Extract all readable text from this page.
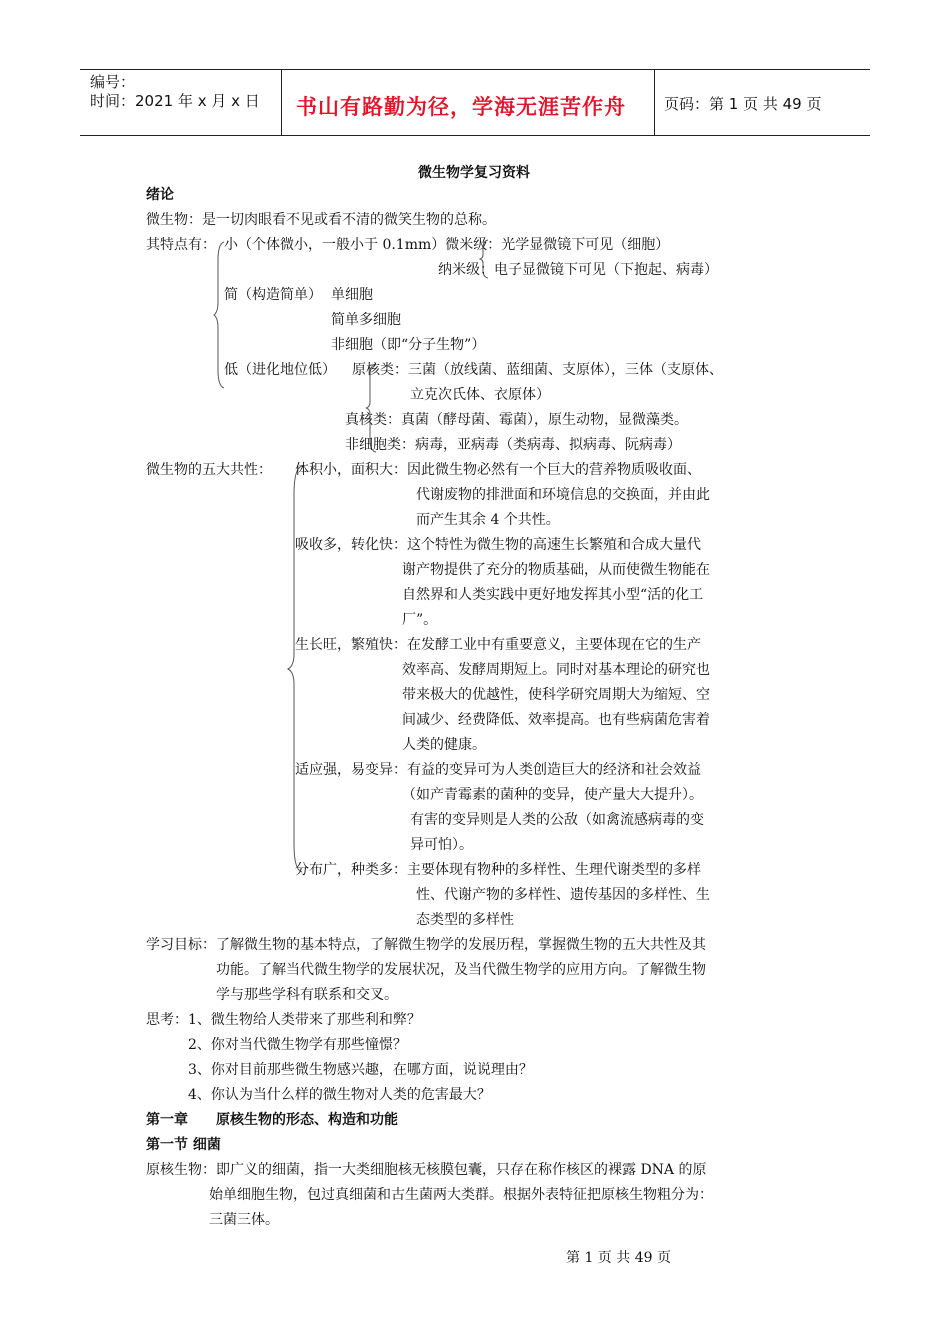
编号：
时间：2021 年 x 月 x 日 书山有路勤为径，学海无涯苦作舟	页码：第 1 页 共 49 页
微生物学复习资料
绪论
微生物：是一切肉眼看不见或看不清的微笑生物的总称。
其特点有： 小（个体微小，一般小于 0.1mm）微米级：光学显微镜下可见（细胞）
纳米级：电子显微镜下可见（下抱起、病毒）
简（构造简单） 单细胞
简单多细胞
非细胞（即“分子生物”）
低（进化地位低） 原核类：三菌（放线菌、蓝细菌、支原体），三体（支原体、
立克次氏体、衣原体）
真核类：真菌（酵母菌、霉菌），原生动物，显微藻类。
非细胞类：病毒，亚病毒（类病毒、拟病毒、阮病毒）
微生物的五大共性： 体积小，面积大：因此微生物必然有一个巨大的营养物质吸收面、
代谢废物的排泄面和环境信息的交换面，并由此
而产生其余 4 个共性。
吸收多，转化快：这个特性为微生物的高速生长繁殖和合成大量代
谢产物提供了充分的物质基础，从而使微生物能在
自然界和人类实践中更好地发挥其小型“活的化工
厂”。
生长旺，繁殖快：在发酵工业中有重要意义，主要体现在它的生产
效率高、发酵周期短上。同时对基本理论的研究也
带来极大的优越性，使科学研究周期大为缩短、空
间减少、经费降低、效率提高。也有些病菌危害着
人类的健康。
适应强，易变异：有益的变异可为人类创造巨大的经济和社会效益
（如产青霉素的菌种的变异，使产量大大提升）。
有害的变异则是人类的公敌（如禽流感病毒的变
异可怕）。
分布广，种类多：主要体现有物种的多样性、生理代谢类型的多样
性、代谢产物的多样性、遗传基因的多样性、生
态类型的多样性
学习目标：了解微生物的基本特点，了解微生物学的发展历程，掌握微生物的五大共性及其
功能。了解当代微生物学的发展状况，及当代微生物学的应用方向。了解微生物
学与那些学科有联系和交叉。
思考：1、微生物给人类带来了那些利和弊？
2、你对当代微生物学有那些憧憬？
3、你对目前那些微生物感兴趣，在哪方面，说说理由？
4、你认为当什么样的微生物对人类的危害最大？
第一章　　原核生物的形态、构造和功能
第一节 细菌
原核生物：即广义的细菌，指一大类细胞核无核膜包囊，只存在称作核区的裸露 DNA 的原
始单细胞生物，包过真细菌和古生菌两大类群。根据外表特征把原核生物粗分为：
三菌三体。
第 1 页 共 49 页
